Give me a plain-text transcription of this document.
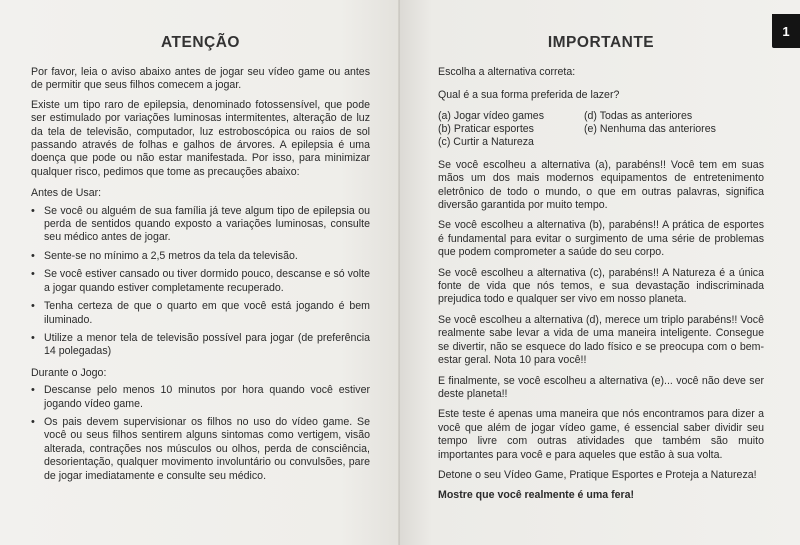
ATENÇÃO

Por favor, leia o aviso abaixo antes de jogar seu vídeo game ou antes de permitir que seus filhos comecem a jogar.

Existe um tipo raro de epilepsia, denominado fotossensível, que pode ser estimulado por variações luminosas intermitentes, alteração de luz da tela de televisão, computador, luz estroboscópica ou raios de sol passando através de folhas e galhos de árvores. A epilepsia é uma doença que pode ou não estar manifestada. Por isso, para minimizar qualquer risco, pedimos que tome as precauções abaixo:

Antes de Usar:

• Se você ou alguém de sua família já teve algum tipo de epilepsia ou perda de sentidos quando exposto a variações luminosas, consulte seu médico antes de jogar.
• Sente-se no mínimo a 2,5 metros da tela da televisão.
• Se você estiver cansado ou tiver dormido pouco, descanse e só volte a jogar quando estiver completamente recuperado.
• Tenha certeza de que o quarto em que você está jogando é bem iluminado.
• Utilize a menor tela de televisão possível para jogar (de preferência 14 polegadas)

Durante o Jogo:

• Descanse pelo menos 10 minutos por hora quando você estiver jogando vídeo game.
• Os pais devem supervisionar os filhos no uso do vídeo game. Se você ou seus filhos sentirem alguns sintomas como vertigem, visão alterada, contrações nos músculos ou olhos, perda de consciência, desorientação, qualquer movimento involuntário ou convulsões, pare de jogar imediatamente e consulte seu médico.
1
IMPORTANTE

Escolha a alternativa correta:

Qual é a sua forma preferida de lazer?

(a) Jogar vídeo games	(d) Todas as anteriores
(b) Praticar esportes	(e) Nenhuma das anteriores
(c) Curtir a Natureza

Se você escolheu a alternativa (a), parabéns!! Você tem em suas mãos um dos mais modernos equipamentos de entretenimento eletrônico de todo o mundo, o que em outras palavras, significa diversão garantida por muito tempo.

Se você escolheu a alternativa (b), parabéns!! A prática de esportes é fundamental para evitar o surgimento de uma série de problemas que podem comprometer a saúde do seu corpo.

Se você escolheu a alternativa (c), parabéns!! A Natureza é a única fonte de vida que nós temos, e sua devastação indiscriminada prejudica todo e qualquer ser vivo em nosso planeta.

Se você escolheu a alternativa (d), merece um triplo parabéns!! Você realmente sabe levar a vida de uma maneira inteligente. Consegue se divertir, não se esquece do lado físico e se preocupa com o bem-estar geral. Nota 10 para você!!

E finalmente, se você escolheu a alternativa (e)... você não deve ser deste planeta!!

Este teste é apenas uma maneira que nós encontramos para dizer a você que além de jogar vídeo game, é essencial saber dividir seu tempo livre com outras atividades que também são muito importantes para você e para aqueles que estão à sua volta.

Detone o seu Vídeo Game, Pratique Esportes e Proteja a Natureza!

Mostre que você realmente é uma fera!
